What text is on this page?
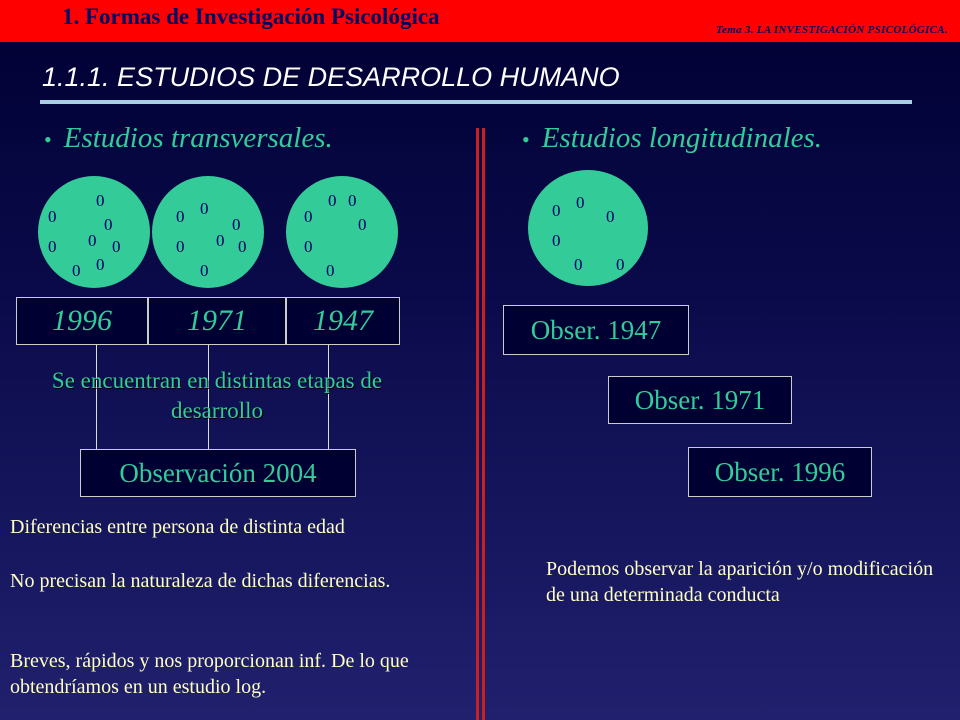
1. Formas de Investigación Psicológica
Tema 3. LA INVESTIGACIÓN PSICOLÓGICA.
1.1.1. ESTUDIOS DE DESARROLLO HUMANO
• Estudios transversales.
0
0	0
0
0	0
0
0
0
0	0
0
0	0
0
0 0
0	0
0
0
1996	1971	1947
Se encuentran en distintas etapas de desarrollo
Observación 2004
Diferencias entre persona de distinta edad
No precisan la naturaleza de dichas diferencias.
Breves, rápidos y nos proporcionan inf. De lo que obtendríamos en un estudio log.
• Estudios longitudinales.
0
0	0
0
0 0
Obser. 1947
Obser. 1971
Obser. 1996
Podemos observar la aparición y/o modificación de una determinada conducta
